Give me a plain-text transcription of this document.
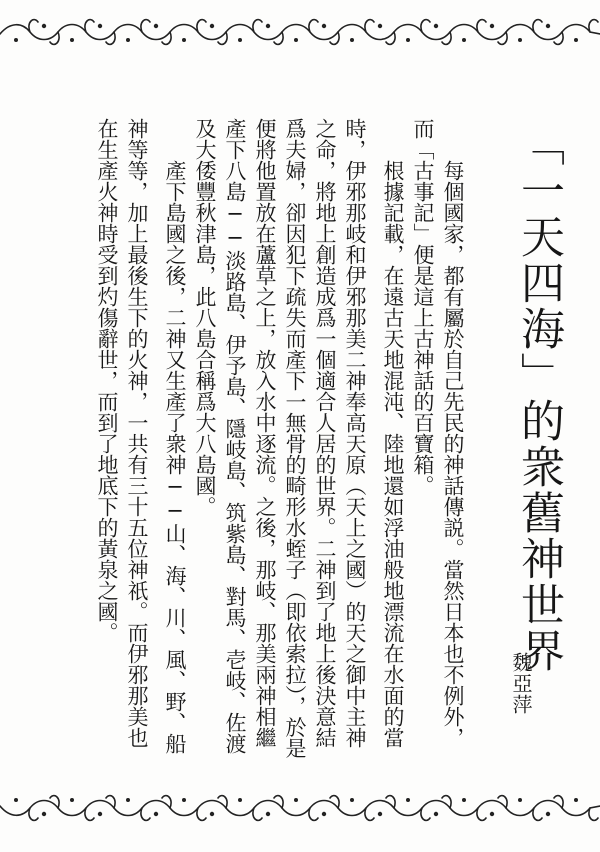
「一天四海」的衆舊神世界
每個國家，都有屬於自己先民的神話傳説。當然日本也不例外，
而「古事記」便是這上古神話的百寶箱。
根據記載，在遠古天地混沌、陸地還如浮油般地漂流在水面的當
時，伊邪那岐和伊邪那美二神奉高天原（天上之國）的天之御中主神
之命，將地上創造成爲一個適合人居的世界。二神到了地上後決意結
爲夫婦，卻因犯下疏失而產下一無骨的畸形水蛭子（即依索拉），於是
便將他置放在蘆草之上，放入水中逐流。之後，那岐、那美兩神相繼
產下八島──淡路島、伊予島、隱岐島、筑紫島、對馬、壱岐、佐渡
及大倭豐秋津島，此八島合稱爲大八島國。
產下島國之後，二神又生產了衆神──山、海、川、風、野、船
神等等，加上最後生下的火神，一共有三十五位神祇。而伊邪那美也
在生產火神時受到灼傷辭世，而到了地底下的黃泉之國。
魏亞萍
